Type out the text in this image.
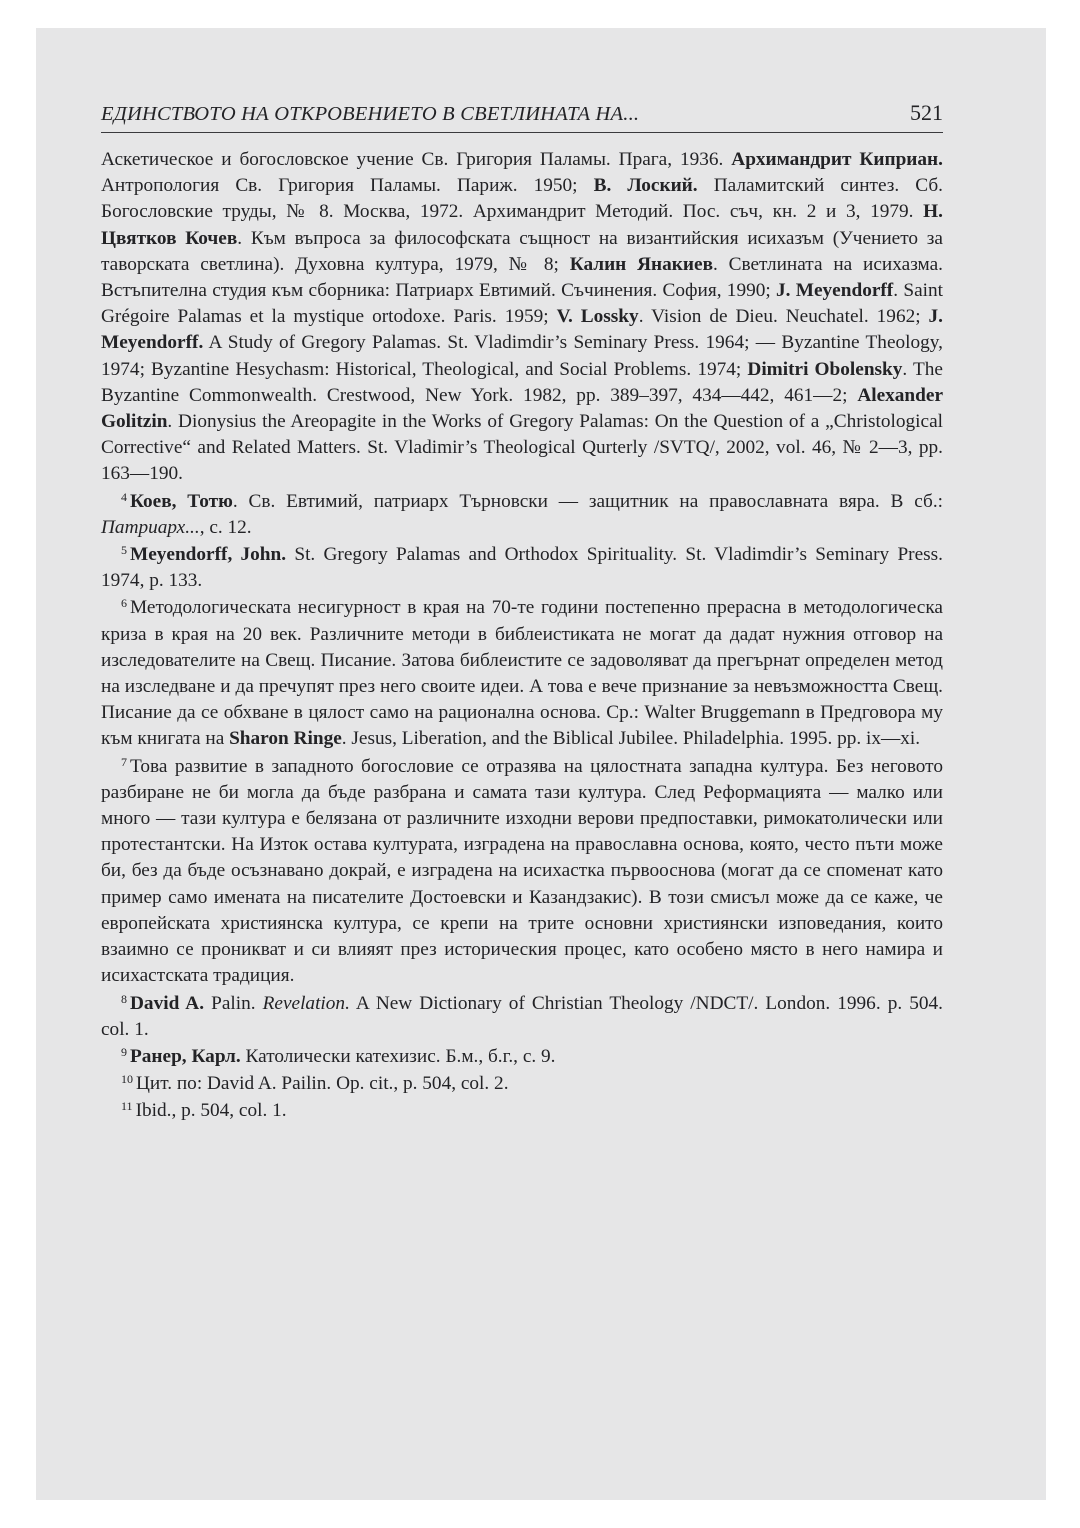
ЕДИНСТВОТО НА ОТКРОВЕНИЕТО В СВЕТЛИНАТА НА...	521

Аскетическое и богословское учение Св. Григория Паламы. Прага, 1936. Архимандрит Киприан. Антропология Св. Григория Паламы. Париж. 1950; В. Лоский. Паламитский синтез. Сб. Богословские труды, № 8. Москва, 1972. Архимандрит Методий. Пос. съч, кн. 2 и 3, 1979. Н. Цвятков Кочев. Към въпроса за философската същност на византийския исихазъм (Учението за таворската светлина). Духовна култура, 1979, № 8; Калин Янакиев. Светлината на исихазма. Встъпителна студия към сборника: Патриарх Евтимий. Съчинения. София, 1990; J. Meyendorff. Saint Grégoire Palamas et la mystique ortodoxe. Paris. 1959; V. Lossky. Vision de Dieu. Neuchatel. 1962; J. Meyendorff. A Study of Gregory Palamas. St. Vladimdir’s Seminary Press. 1964; — Byzantine Theology, 1974; Byzantine Hesychasm: Historical, Theological, and Social Problems. 1974; Dimitri Obolensky. The Byzantine Commonwealth. Crestwood, New York. 1982, pp. 389–397, 434—442, 461—2; Alexander Golitzin. Dionysius the Areopagite in the Works of Gregory Palamas: On the Question of a „Christological Corrective“ and Related Matters. St. Vladimir’s Theological Qurterly /SVTQ/, 2002, vol. 46, № 2—3, pp. 163—190.

$^4$ Коев, Тотю. Св. Евтимий, патриарх Търновски — защитник на православната вяра. В сб.: Патриарх..., с. 12.

$^5$ Meyendorff, John. St. Gregory Palamas and Orthodox Spirituality. St. Vladimdir’s Seminary Press. 1974, p. 133.

$^6$ Методологическата несигурност в края на 70-те години постепенно прерасна в методологическа криза в края на 20 век. Различните методи в библеистиката не могат да дадат нужния отговор на изследователите на Свещ. Писание. Затова библеистите се задоволяват да прегърнат определен метод на изследване и да пречупят през него своите идеи. А това е вече признание за невъзможността Свещ. Писание да се обхване в цялост само на рационална основа. Ср.: Walter Bruggemann в Предговора му към книгата на Sharon Ringe. Jesus, Liberation, and the Biblical Jubilee. Philadelphia. 1995. pp. ix—xi.

$^7$ Това развитие в западното богословие се отразява на цялостната западна култура. Без неговото разбиране не би могла да бъде разбрана и самата тази култура. След Реформацията — малко или много — тази култура е белязана от различните изходни верови предпоставки, римокатолически или протестантски. На Изток остава културата, изградена на православна основа, която, често пъти може би, без да бъде осъзнавано докрай, е изградена на исихастка първооснова (могат да се споменат като пример само имената на писателите Достоевски и Казандзакис). В този смисъл може да се каже, че европейската християнска култура, се крепи на трите основни християнски изповедания, които взаимно се проникват и си влияят през историческия процес, като особено място в него намира и исихастската традиция.

$^8$ David A. Palin. Revelation. A New Dictionary of Christian Theology /NDCT/. London. 1996. p. 504. col. 1.

$^9$ Ранер, Карл. Католически катехизис. Б.м., б.г., с. 9.

$^{10}$ Цит. по: David A. Pailin. Op. cit., p. 504, col. 2.

$^{11}$ Ibid., p. 504, col. 1.
